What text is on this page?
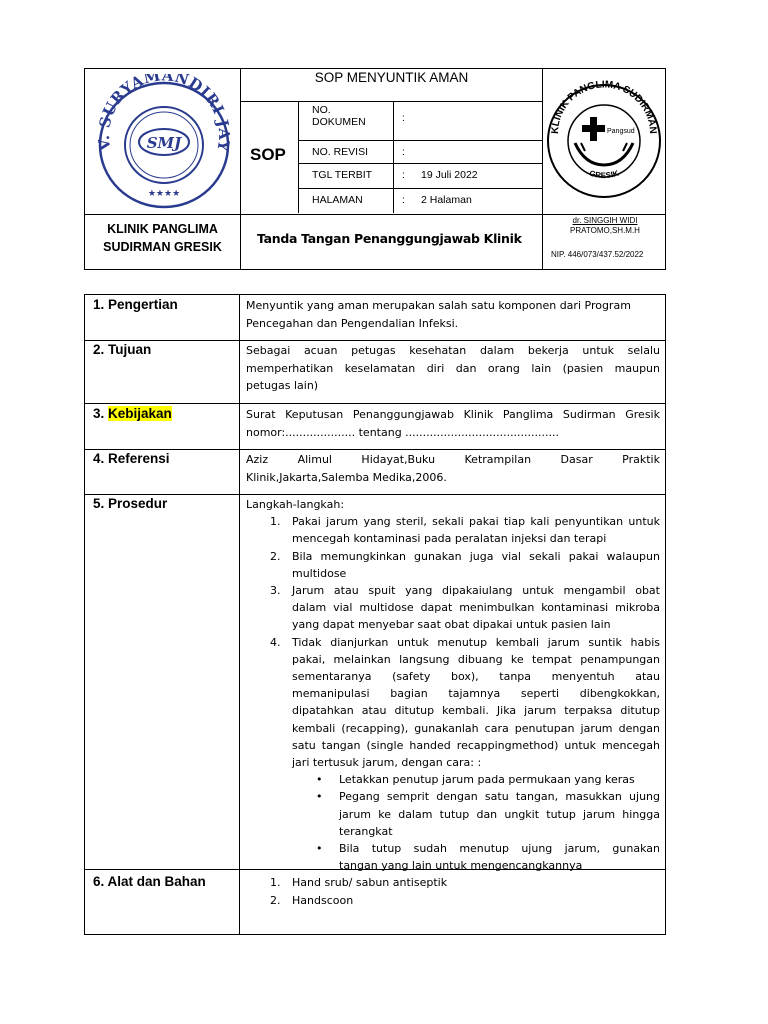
V. SURYAMANDIRI JAY
SMJ
★★★★
SOP MENYUNTIK AMAN
SOP
NO.
DOKUMEN	:
NO. REVISI	:
TGL TERBIT	: 19 Juli 2022
HALAMAN	: 2 Halaman
KLINIK PANGLIMA SUDIRMAN
GRESIK
Pangsud
KLINIK PANGLIMA
SUDIRMAN GRESIK
Tanda Tangan Penanggungjawab Klinik
dr. SINGGIH WIDI
PRATOMO,SH.M.H
NIP. 446/073/437.52/2022
1. Pengertian	Menyuntik yang aman merupakan salah satu komponen dari Program
Pencegahan dan Pengendalian Infeksi.
2. Tujuan	Sebagai acuan petugas kesehatan dalam bekerja untuk selalu
memperhatikan keselamatan diri dan orang lain (pasien maupun
petugas lain)
3. Kebijakan	Surat Keputusan Penanggungjawab Klinik Panglima Sudirman Gresik
nomor:.................... tentang ............................................
4. Referensi	Aziz Alimul Hidayat,Buku Ketrampilan Dasar Praktik
Klinik,Jakarta,Salemba Medika,2006.
5. Prosedur	Langkah-langkah:
1. Pakai jarum yang steril, sekali pakai tiap kali penyuntikan untuk
mencegah kontaminasi pada peralatan injeksi dan terapi
2. Bila memungkinkan gunakan juga vial sekali pakai walaupun
multidose
3. Jarum atau spuit yang dipakaiulang untuk mengambil obat
dalam vial multidose dapat menimbulkan kontaminasi mikroba
yang dapat menyebar saat obat dipakai untuk pasien lain
4. Tidak dianjurkan untuk menutup kembali jarum suntik habis
pakai, melainkan langsung dibuang ke tempat penampungan
sementaranya (safety box), tanpa menyentuh atau
memanipulasi bagian tajamnya seperti dibengkokkan,
dipatahkan atau ditutup kembali. Jika jarum terpaksa ditutup
kembali (recapping), gunakanlah cara penutupan jarum dengan
satu tangan (single handed recappingmethod) untuk mencegah
jari tertusuk jarum, dengan cara: :
• Letakkan penutup jarum pada permukaan yang keras
• Pegang semprit dengan satu tangan, masukkan ujung
jarum ke dalam tutup dan ungkit tutup jarum hingga
terangkat
• Bila tutup sudah menutup ujung jarum, gunakan
tangan yang lain untuk mengencangkannya
6. Alat dan Bahan	1. Hand srub/ sabun antiseptik
2. Handscoon
